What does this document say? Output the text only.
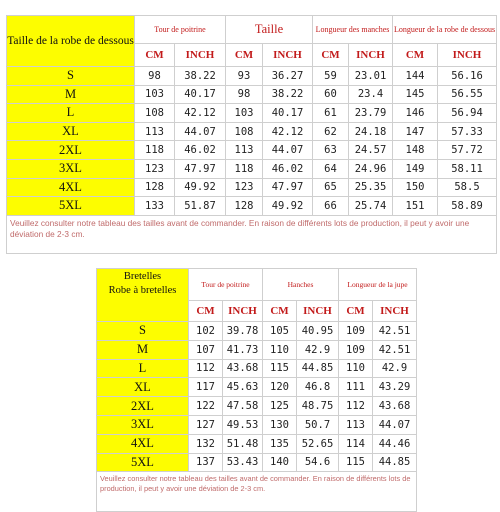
Taille de la robe de dessous	Tour de poitrine		Taille		Longueur des manches		Longueur de la robe de dessous	
	CM	INCH	CM	INCH	CM	INCH	CM	INCH
S	98	38.22	93	36.27	59	23.01	144	56.16
M	103	40.17	98	38.22	60	23.4	145	56.55
L	108	42.12	103	40.17	61	23.79	146	56.94
XL	113	44.07	108	42.12	62	24.18	147	57.33
2XL	118	46.02	113	44.07	63	24.57	148	57.72
3XL	123	47.97	118	46.02	64	24.96	149	58.11
4XL	128	49.92	123	47.97	65	25.35	150	58.5
5XL	133	51.87	128	49.92	66	25.74	151	58.89
Veuillez consulter notre tableau des tailles avant de commander. En raison de différents lots de production, il peut y avoir une déviation de 2-3 cm.								
Bretelles	Tour de poitrine		Hanches		Longueur de la jupe	
Robe à bretelles						
	CM	INCH	CM	INCH	CM	INCH
S	102	39.78	105	40.95	109	42.51
M	107	41.73	110	42.9	109	42.51
L	112	43.68	115	44.85	110	42.9
XL	117	45.63	120	46.8	111	43.29
2XL	122	47.58	125	48.75	112	43.68
3XL	127	49.53	130	50.7	113	44.07
4XL	132	51.48	135	52.65	114	44.46
5XL	137	53.43	140	54.6	115	44.85
Veuillez consulter notre tableau des tailles avant de commander. En raison de différents lots de production, il peut y avoir une déviation de 2-3 cm.						
